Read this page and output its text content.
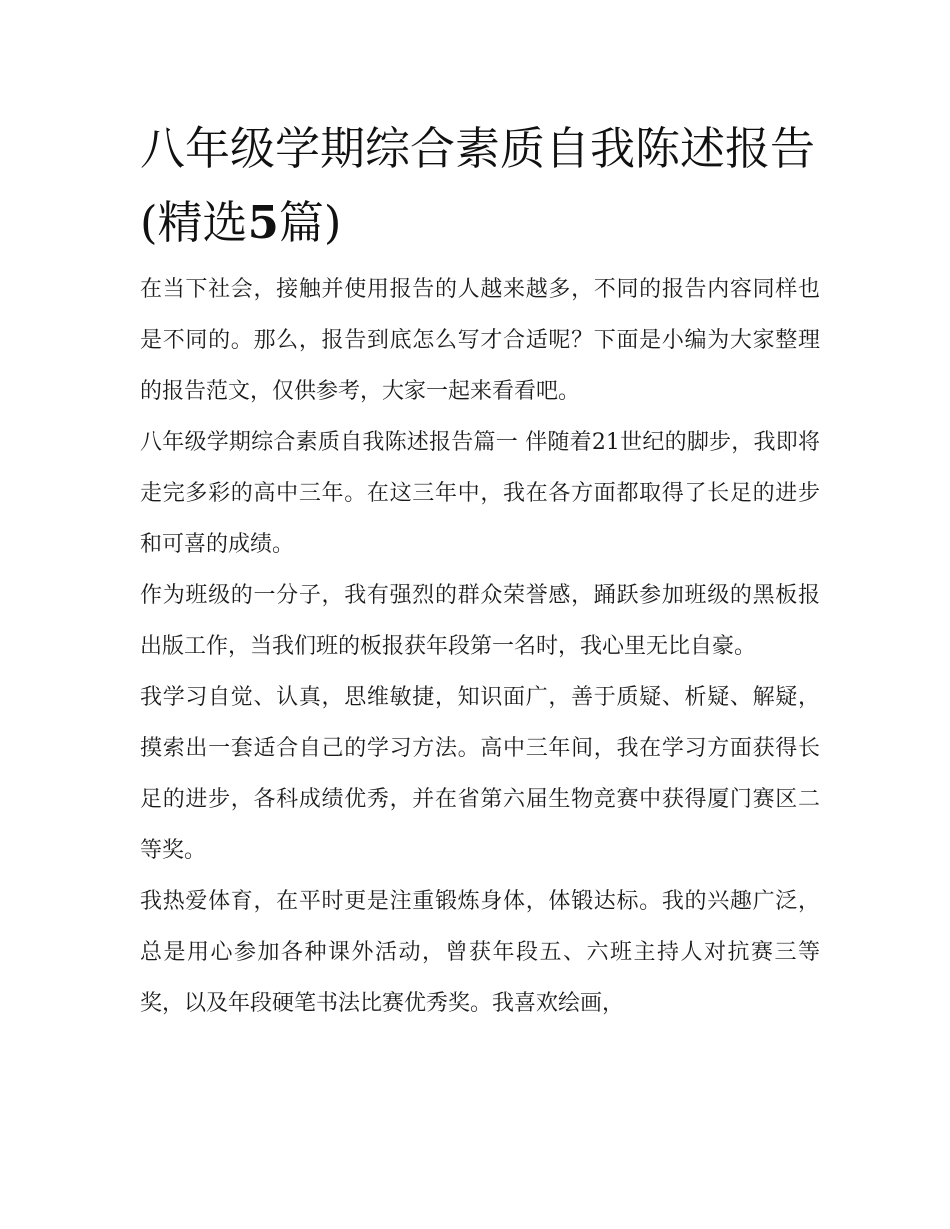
八年级学期综合素质自我陈述报告(精选5篇)

在当下社会，接触并使用报告的人越来越多，不同的报告内容同样也是不同的。那么，报告到底怎么写才合适呢？下面是小编为大家整理的报告范文，仅供参考，大家一起来看看吧。

八年级学期综合素质自我陈述报告篇一 伴随着21世纪的脚步，我即将走完多彩的高中三年。在这三年中，我在各方面都取得了长足的进步和可喜的成绩。

作为班级的一分子，我有强烈的群众荣誉感，踊跃参加班级的黑板报出版工作，当我们班的板报获年段第一名时，我心里无比自豪。

我学习自觉、认真，思维敏捷，知识面广，善于质疑、析疑、解疑，摸索出一套适合自己的学习方法。高中三年间，我在学习方面获得长足的进步，各科成绩优秀，并在省第六届生物竞赛中获得厦门赛区二等奖。

我热爱体育，在平时更是注重锻炼身体，体锻达标。我的兴趣广泛，总是用心参加各种课外活动，曾获年段五、六班主持人对抗赛三等奖，以及年段硬笔书法比赛优秀奖。我喜欢绘画，
